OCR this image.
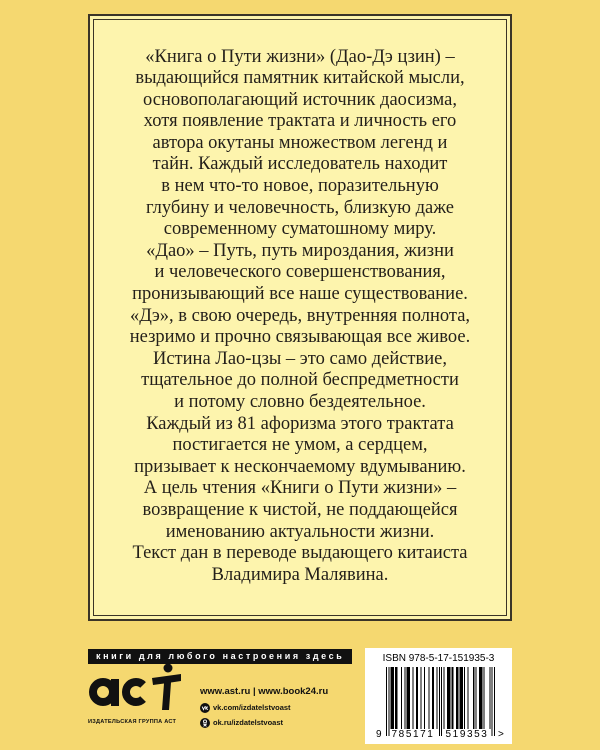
«Книга о Пути жизни» (Дао-Дэ цзин) –
выдающийся памятник китайской мысли,
основополагающий источник даосизма,
хотя появление трактата и личность его
автора окутаны множеством легенд и
тайн. Каждый исследователь находит
в нем что-то новое, поразительную
глубину и человечность, близкую даже
современному суматошному миру.
«Дао» – Путь, путь мироздания, жизни
и человеческого совершенствования,
пронизывающий все наше существование.
«Дэ», в свою очередь, внутренняя полнота,
незримо и прочно связывающая все живое.
Истина Лао-цзы – это само действие,
тщательное до полной беспредметности
и потому словно бездеятельное.
Каждый из 81 афоризма этого трактата
постигается не умом, а сердцем,
призывает к нескончаемому вдумыванию.
А цель чтения «Книги о Пути жизни» –
возвращение к чистой, не поддающейся
именованию актуальности жизни.
Текст дан в переводе выдающего китаиста
Владимира Малявина.
книги для любого настроения здесь
ИЗДАТЕЛЬСКАЯ ГРУППА АСТ
www.ast.ru | www.book24.ru
vk.com/izdatelstvoast
ok.ru/izdatelstvoast
ISBN 978-5-17-151935-3
9 785171 519353 >
